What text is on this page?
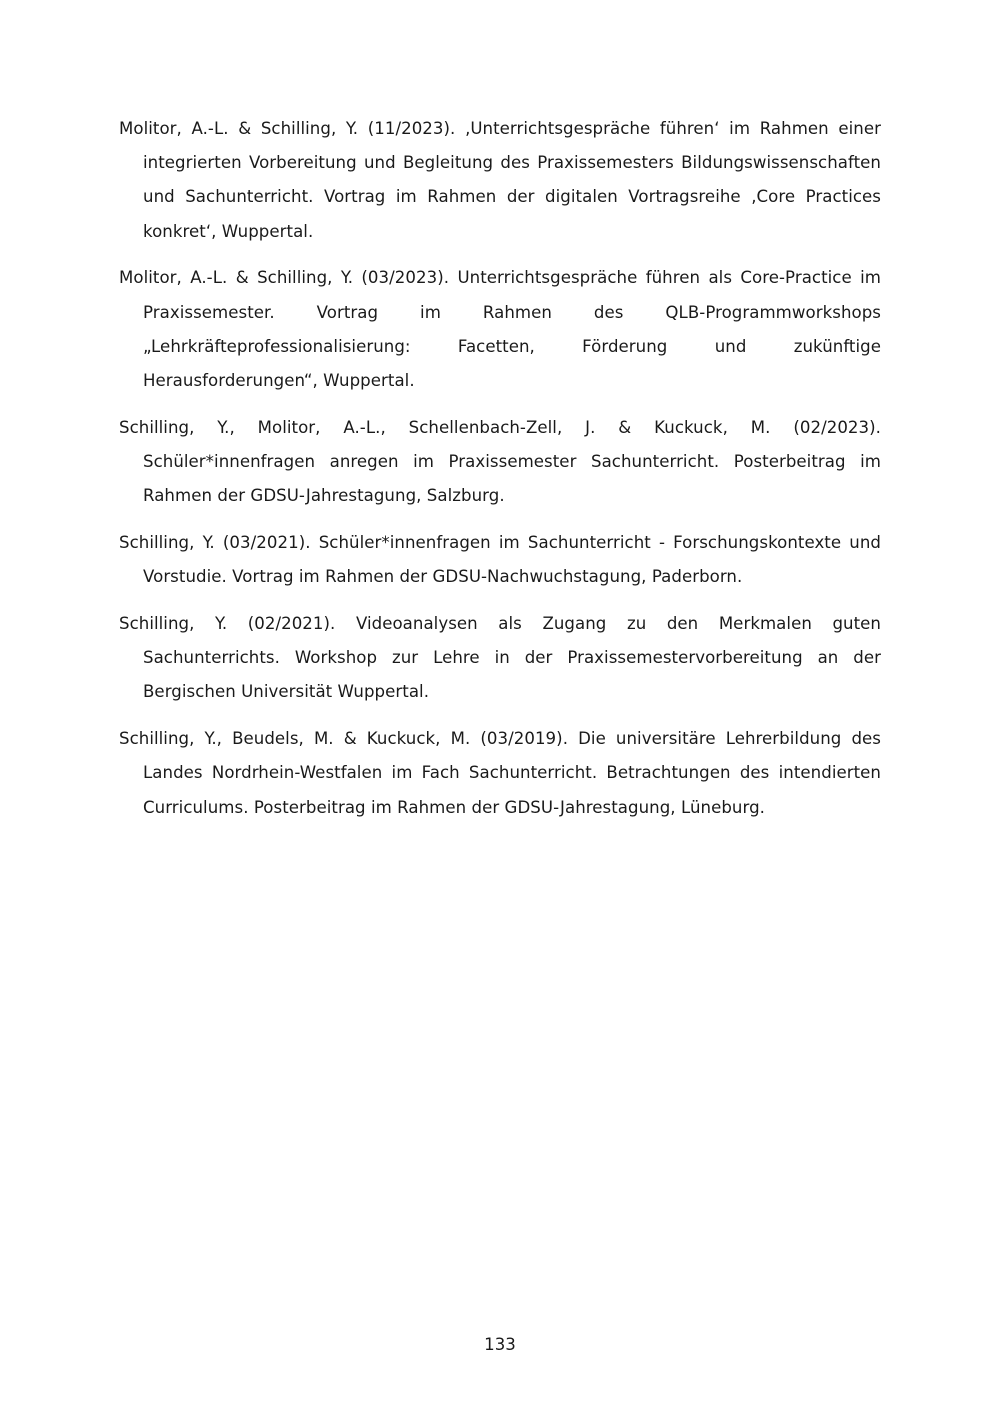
Molitor, A.-L. & Schilling, Y. (11/2023). ‚Unterrichtsgespräche führen‘ im Rahmen einer integrierten Vorbereitung und Begleitung des Praxissemesters Bildungswissenschaften und Sachunterricht. Vortrag im Rahmen der digitalen Vortragsreihe ‚Core Practices konkret‘, Wuppertal.
Molitor, A.-L. & Schilling, Y. (03/2023). Unterrichtsgespräche führen als Core-Practice im Praxissemester. Vortrag im Rahmen des QLB-Programmworkshops „Lehrkräfteprofessionalisierung: Facetten, Förderung und zukünftige Herausforderungen“, Wuppertal.
Schilling, Y., Molitor, A.-L., Schellenbach-Zell, J. & Kuckuck, M. (02/2023). Schüler*innenfragen anregen im Praxissemester Sachunterricht. Posterbeitrag im Rahmen der GDSU-Jahrestagung, Salzburg.
Schilling, Y. (03/2021). Schüler*innenfragen im Sachunterricht - Forschungskontexte und Vorstudie. Vortrag im Rahmen der GDSU-Nachwuchstagung, Paderborn.
Schilling, Y. (02/2021). Videoanalysen als Zugang zu den Merkmalen guten Sachunterrichts. Workshop zur Lehre in der Praxissemestervorbereitung an der Bergischen Universität Wuppertal.
Schilling, Y., Beudels, M. & Kuckuck, M. (03/2019). Die universitäre Lehrerbildung des Landes Nordrhein-Westfalen im Fach Sachunterricht. Betrachtungen des intendierten Curriculums. Posterbeitrag im Rahmen der GDSU-Jahrestagung, Lüneburg.

133
